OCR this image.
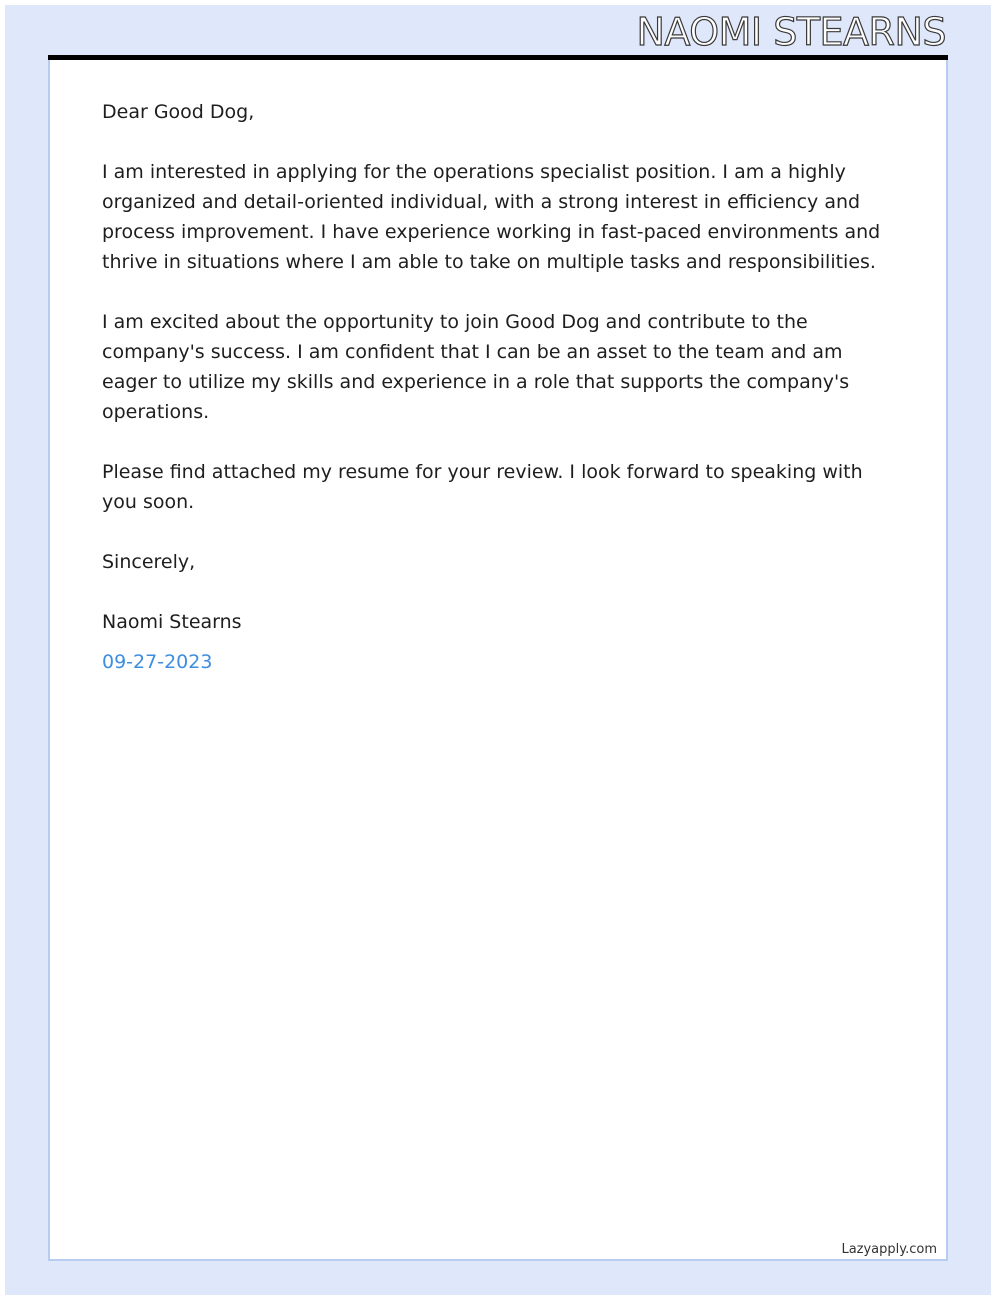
NAOMI STEARNS

Dear Good Dog,

I am interested in applying for the operations specialist position. I am a highly organized and detail-oriented individual, with a strong interest in efficiency and process improvement. I have experience working in fast-paced environments and thrive in situations where I am able to take on multiple tasks and responsibilities.

I am excited about the opportunity to join Good Dog and contribute to the company's success. I am confident that I can be an asset to the team and am eager to utilize my skills and experience in a role that supports the company's operations.

Please find attached my resume for your review. I look forward to speaking with you soon.

Sincerely,

Naomi Stearns

09-27-2023

Lazyapply.com
